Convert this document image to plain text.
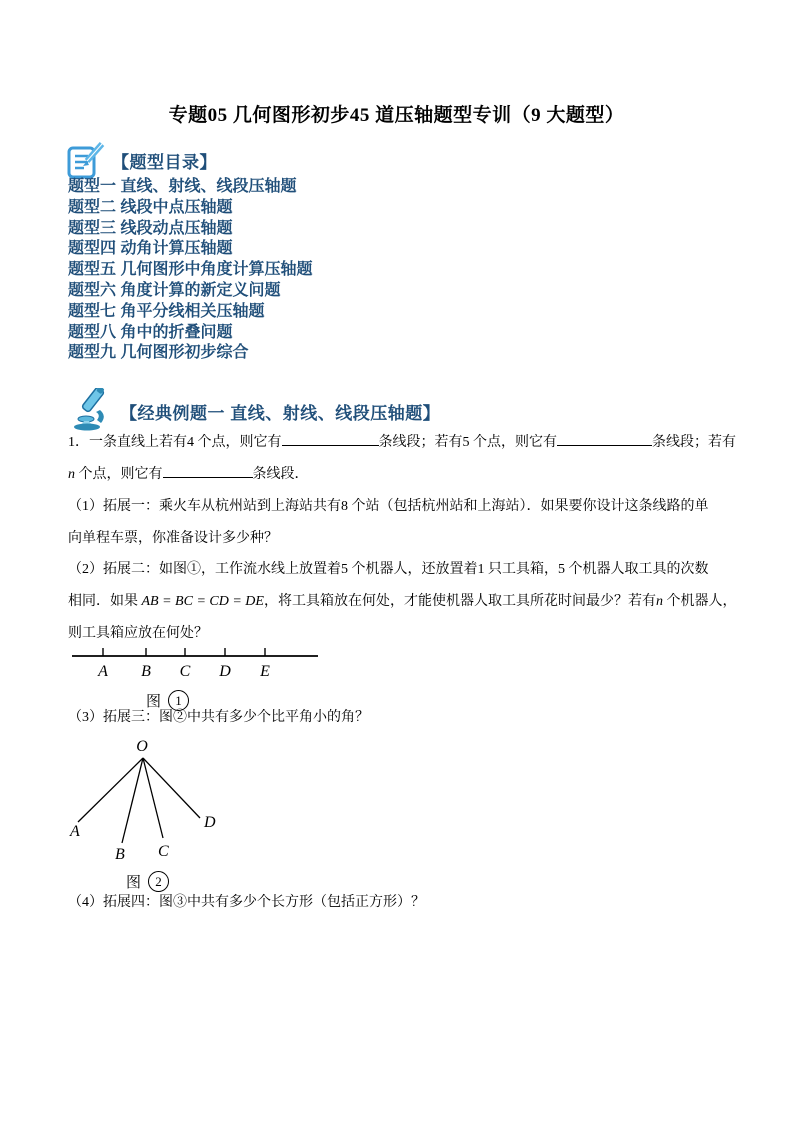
专题05 几何图形初步45 道压轴题型专训（9 大题型）
【题型目录】
题型一 直线、射线、线段压轴题
题型二 线段中点压轴题
题型三 线段动点压轴题
题型四 动角计算压轴题
题型五 几何图形中角度计算压轴题
题型六 角度计算的新定义问题
题型七 角平分线相关压轴题
题型八 角中的折叠问题
题型九 几何图形初步综合
【经典例题一 直线、射线、线段压轴题】
1．一条直线上若有4 个点，则它有	条线段；若有5 个点，则它有	条线段；若有
n 个点，则它有	条线段．
（1）拓展一：乘火车从杭州站到上海站共有8 个站（包括杭州站和上海站）．如果要你设计这条线路的单
向单程车票，你准备设计多少种？
（2）拓展二：如图①，工作流水线上放置着5 个机器人，还放置着1 只工具箱，5 个机器人取工具的次数
相同．如果 AB = BC = CD = DE，将工具箱放在何处，才能使机器人取工具所花时间最少？若有n 个机器人，
则工具箱应放在何处？
A B C D E
图	1
（3）拓展三：图②中共有多少个比平角小的角？
O
A
B C
D
图	2
（4）拓展四：图③中共有多少个长方形（包括正方形）？
